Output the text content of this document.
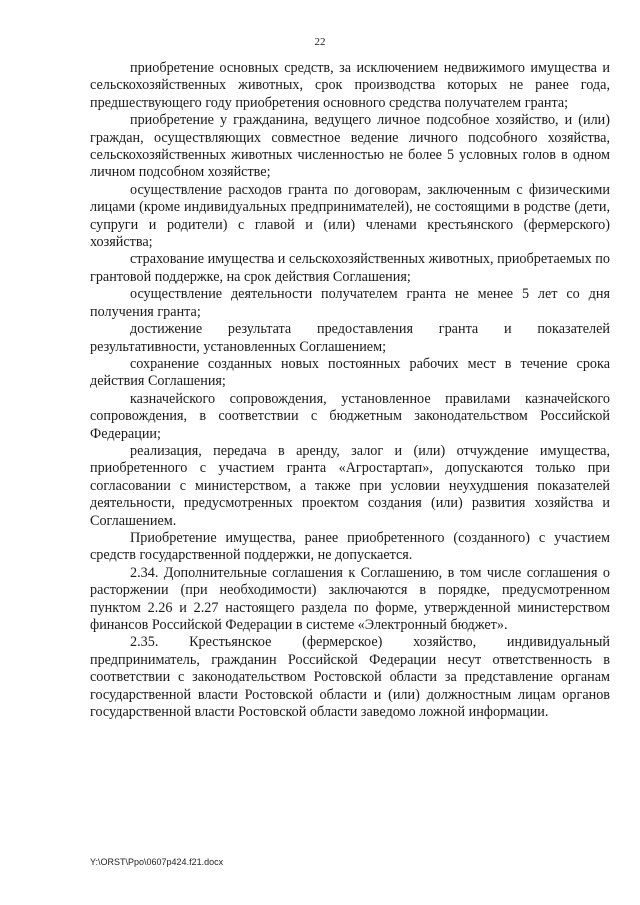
22

приобретение основных средств, за исключением недвижимого имущества и сельскохозяйственных животных, срок производства которых не ранее года, предшествующего году приобретения основного средства получателем гранта;

приобретение у гражданина, ведущего личное подсобное хозяйство, и (или) граждан, осуществляющих совместное ведение личного подсобного хозяйства, сельскохозяйственных животных численностью не более 5 условных голов в одном личном подсобном хозяйстве;

осуществление расходов гранта по договорам, заключенным с физическими лицами (кроме индивидуальных предпринимателей), не состоящими в родстве (дети, супруги и родители) с главой и (или) членами крестьянского (фермерского) хозяйства;

страхование имущества и сельскохозяйственных животных, приобретаемых по грантовой поддержке, на срок действия Соглашения;

осуществление деятельности получателем гранта не менее 5 лет со дня получения гранта;

достижение результата предоставления гранта и показателей результативности, установленных Соглашением;

сохранение созданных новых постоянных рабочих мест в течение срока действия Соглашения;

казначейского сопровождения, установленное правилами казначейского сопровождения, в соответствии с бюджетным законодательством Российской Федерации;

реализация, передача в аренду, залог и (или) отчуждение имущества, приобретенного с участием гранта «Агростартап», допускаются только при согласовании с министерством, а также при условии неухудшения показателей деятельности, предусмотренных проектом создания (или) развития хозяйства и Соглашением.

Приобретение имущества, ранее приобретенного (созданного) с участием средств государственной поддержки, не допускается.

2.34. Дополнительные соглашения к Соглашению, в том числе соглашения о расторжении (при необходимости) заключаются в порядке, предусмотренном пунктом 2.26 и 2.27 настоящего раздела по форме, утвержденной министерством финансов Российской Федерации в системе «Электронный бюджет».

2.35. Крестьянское (фермерское) хозяйство, индивидуальный предприниматель, гражданин Российской Федерации несут ответственность в соответствии с законодательством Ростовской области за представление органам государственной власти Ростовской области и (или) должностным лицам органов государственной власти Ростовской области заведомо ложной информации.

Y:\ORST\Ppo\0607p424.f21.docx
